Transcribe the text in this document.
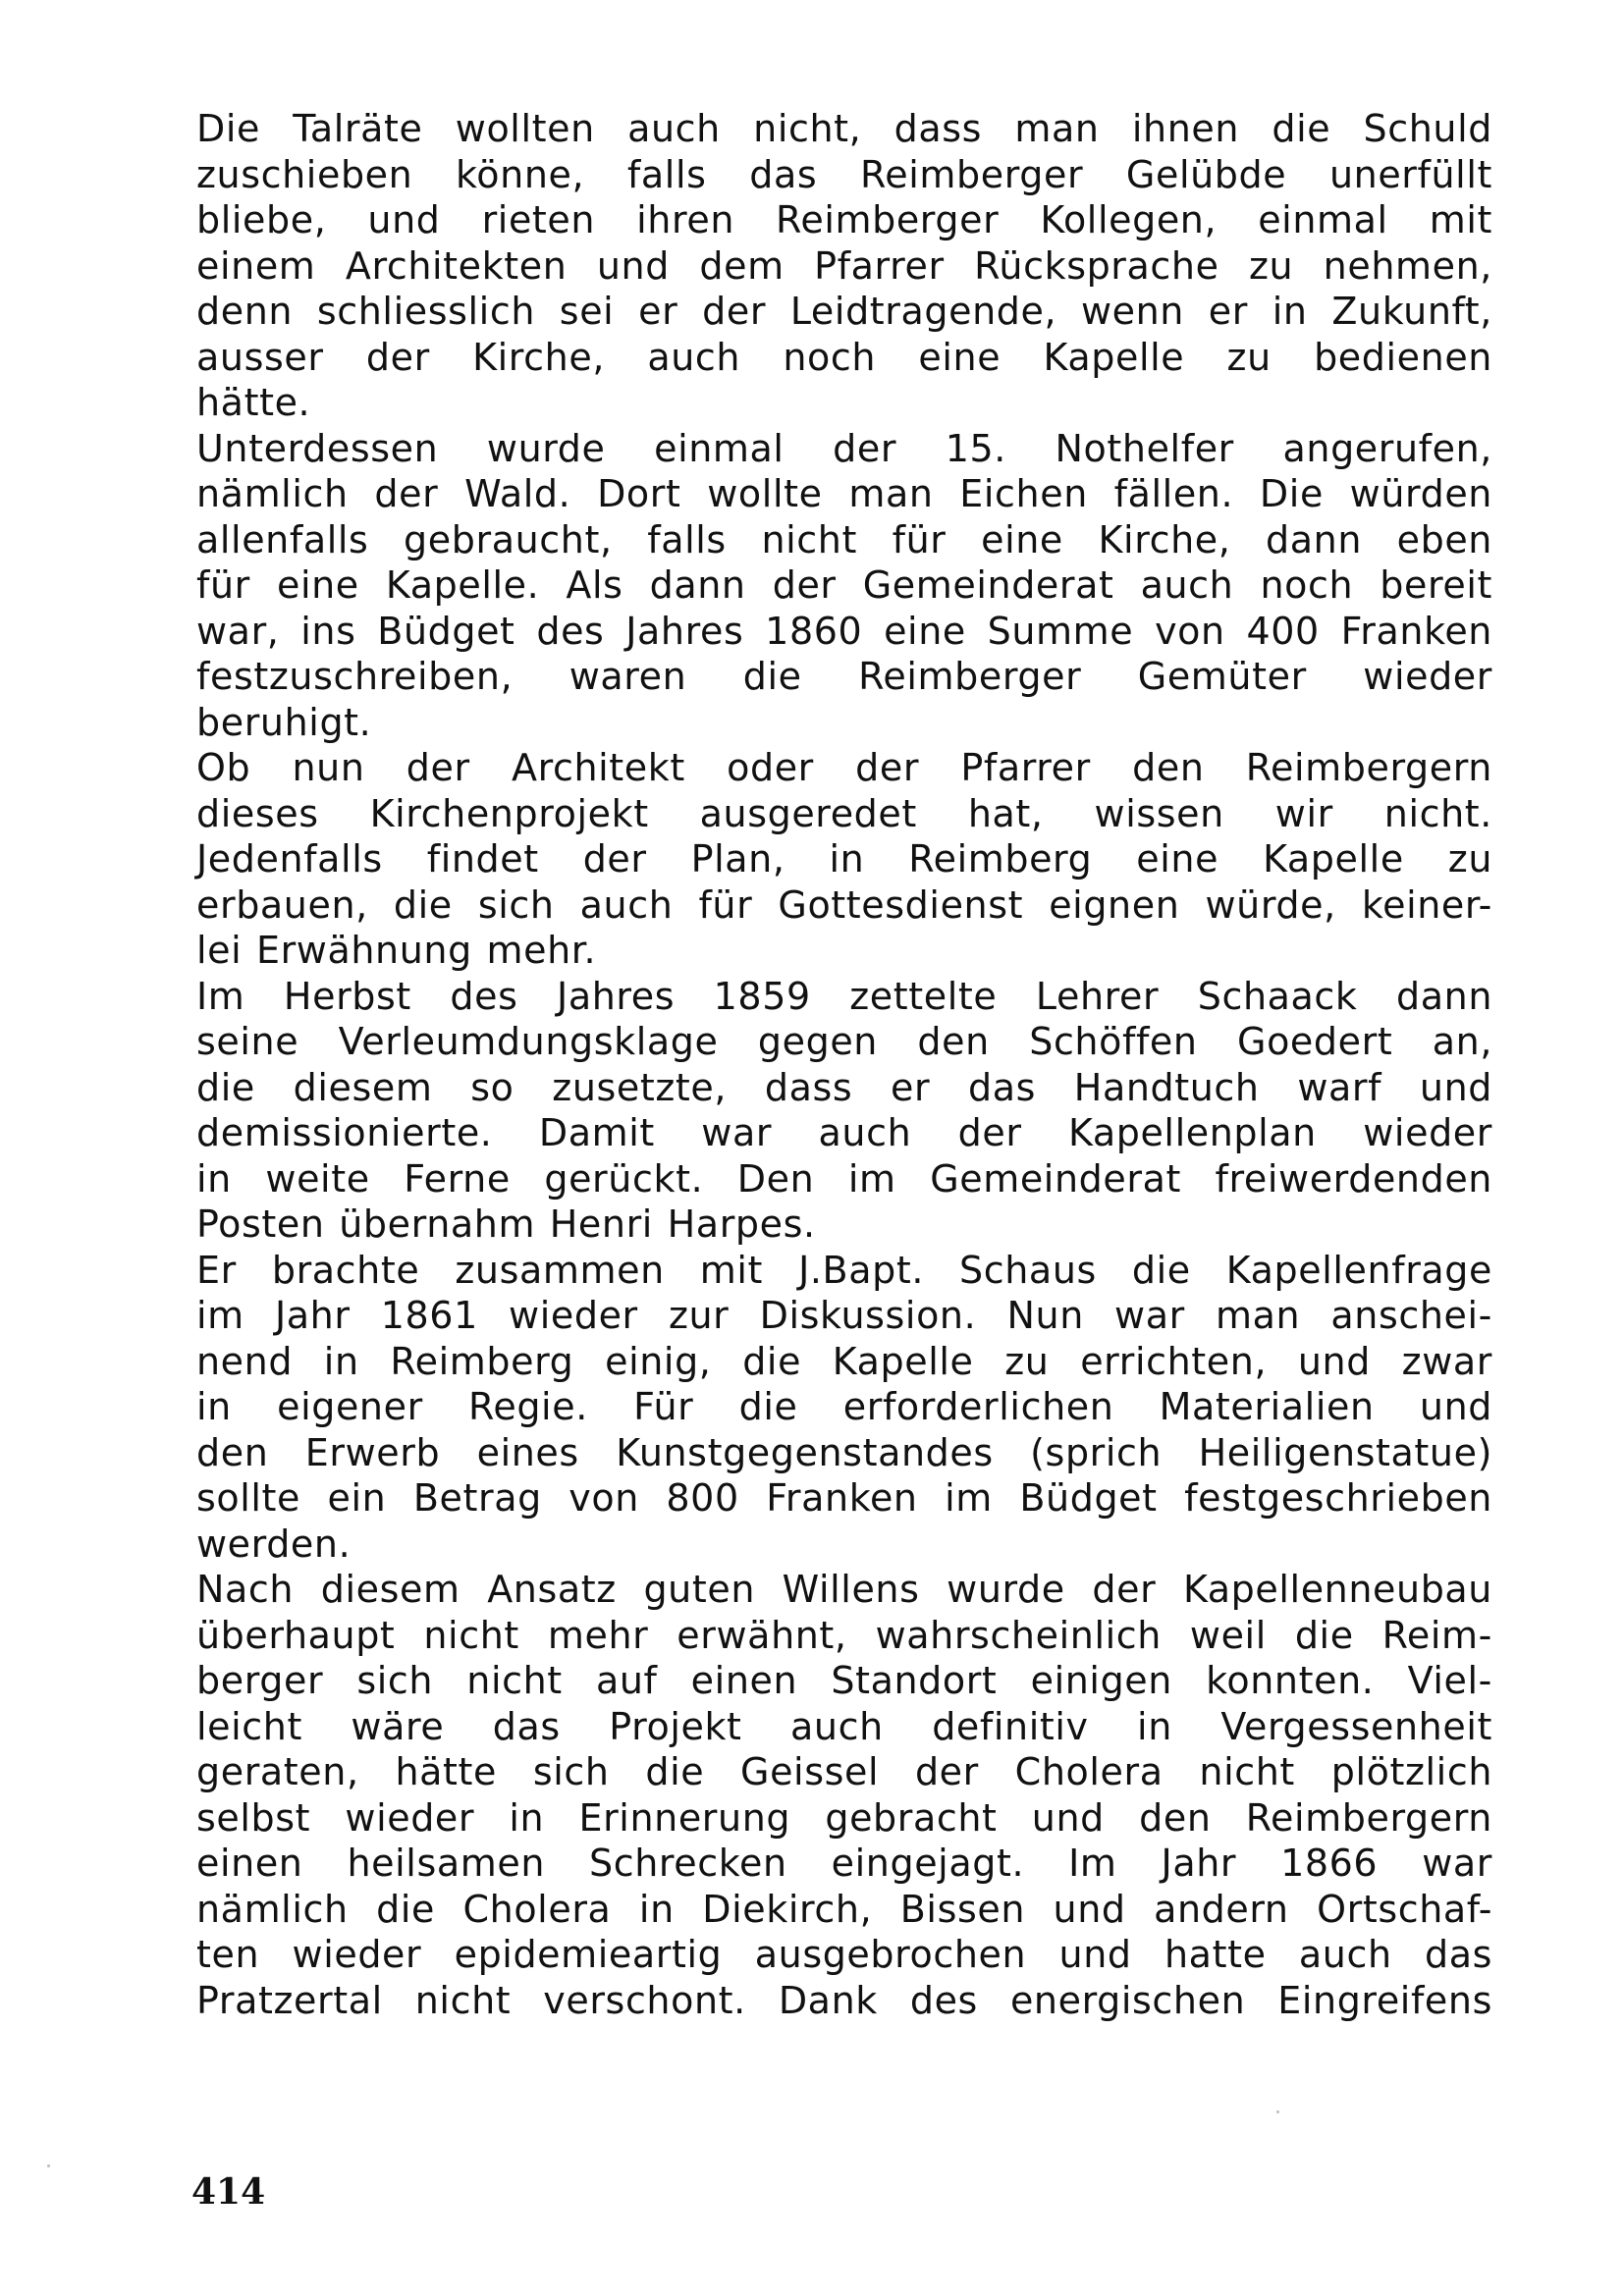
Die Talräte wollten auch nicht, dass man ihnen die Schuld
zuschieben könne, falls das Reimberger Gelübde unerfüllt
bliebe, und rieten ihren Reimberger Kollegen, einmal mit
einem Architekten und dem Pfarrer Rücksprache zu nehmen,
denn schliesslich sei er der Leidtragende, wenn er in Zukunft,
ausser der Kirche, auch noch eine Kapelle zu bedienen
hätte.
Unterdessen wurde einmal der 15. Nothelfer angerufen,
nämlich der Wald. Dort wollte man Eichen fällen. Die würden
allenfalls gebraucht, falls nicht für eine Kirche, dann eben
für eine Kapelle. Als dann der Gemeinderat auch noch bereit
war, ins Büdget des Jahres 1860 eine Summe von 400 Franken
festzuschreiben, waren die Reimberger Gemüter wieder
beruhigt.
Ob nun der Architekt oder der Pfarrer den Reimbergern
dieses Kirchenprojekt ausgeredet hat, wissen wir nicht.
Jedenfalls findet der Plan, in Reimberg eine Kapelle zu
erbauen, die sich auch für Gottesdienst eignen würde, keiner-
lei Erwähnung mehr.
Im Herbst des Jahres 1859 zettelte Lehrer Schaack dann
seine Verleumdungsklage gegen den Schöffen Goedert an,
die diesem so zusetzte, dass er das Handtuch warf und
demissionierte. Damit war auch der Kapellenplan wieder
in weite Ferne gerückt. Den im Gemeinderat freiwerdenden
Posten übernahm Henri Harpes.
Er brachte zusammen mit J.Bapt. Schaus die Kapellenfrage
im Jahr 1861 wieder zur Diskussion. Nun war man anschei-
nend in Reimberg einig, die Kapelle zu errichten, und zwar
in eigener Regie. Für die erforderlichen Materialien und
den Erwerb eines Kunstgegenstandes (sprich Heiligenstatue)
sollte ein Betrag von 800 Franken im Büdget festgeschrieben
werden.
Nach diesem Ansatz guten Willens wurde der Kapellenneubau
überhaupt nicht mehr erwähnt, wahrscheinlich weil die Reim-
berger sich nicht auf einen Standort einigen konnten. Viel-
leicht wäre das Projekt auch definitiv in Vergessenheit
geraten, hätte sich die Geissel der Cholera nicht plötzlich
selbst wieder in Erinnerung gebracht und den Reimbergern
einen heilsamen Schrecken eingejagt. Im Jahr 1866 war
nämlich die Cholera in Diekirch, Bissen und andern Ortschaf-
ten wieder epidemieartig ausgebrochen und hatte auch das
Pratzertal nicht verschont. Dank des energischen Eingreifens
414
